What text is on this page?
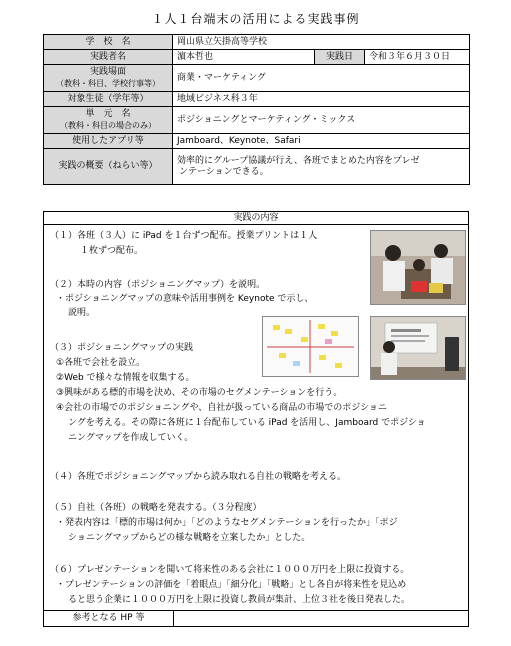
１人１台端末の活用による実践事例
学　校　名	岡山県立矢掛高等学校		
実践者名	濵本哲也	実践日	令和３年６月３０日

実践場面
（教科・科目、学校行事等）	商業・マーケティング		
対象生徒（学年等）	地域ビジネス科３年		

単　元　名
（教科・科目の場合のみ）	ポジショニングとマーケティング・ミックス		
使用したアプリ等	Jamboard、Keynote、Safari		
実践の概要（ねらい等）	効率的にグループ協議が行え、各班でまとめた内容をプレゼ
ンテーションできる。		
実践の内容
（１）各班（３人）に iPad を１台ずつ配布。授業プリントは１人
１枚ずつ配布。
（２）本時の内容（ポジショニングマップ）を説明。
・ポジショニングマップの意味や活用事例を Keynote で示し、
説明。
（３）ポジショニングマップの実践
①各班で会社を設立。
②Web で様々な情報を収集する。
③興味がある標的市場を決め、その市場のセグメンテーションを行う。
④会社の市場でのポジショニングや、自社が扱っている商品の市場でのポジショニ
ングを考える。その際に各班に１台配布している iPad を活用し、Jamboard でポジショ
ニングマップを作成していく。
（４）各班でポジショニングマップから読み取れる自社の戦略を考える。
（５）自社（各班）の戦略を発表する。（３分程度）
・発表内容は「標的市場は何か」「どのようなセグメンテーションを行ったか」「ポジ
ショニングマップからどの様な戦略を立案したか」とした。
（６）プレゼンテーションを聞いて将来性のある会社に１０００万円を上限に投資する。
・プレゼンテーションの評価を「着眼点」「細分化」「戦略」とし各自が将来性を見込め
ると思う企業に１０００万円を上限に投資し教員が集計、上位３社を後日発表した。
参考となる HP 等
